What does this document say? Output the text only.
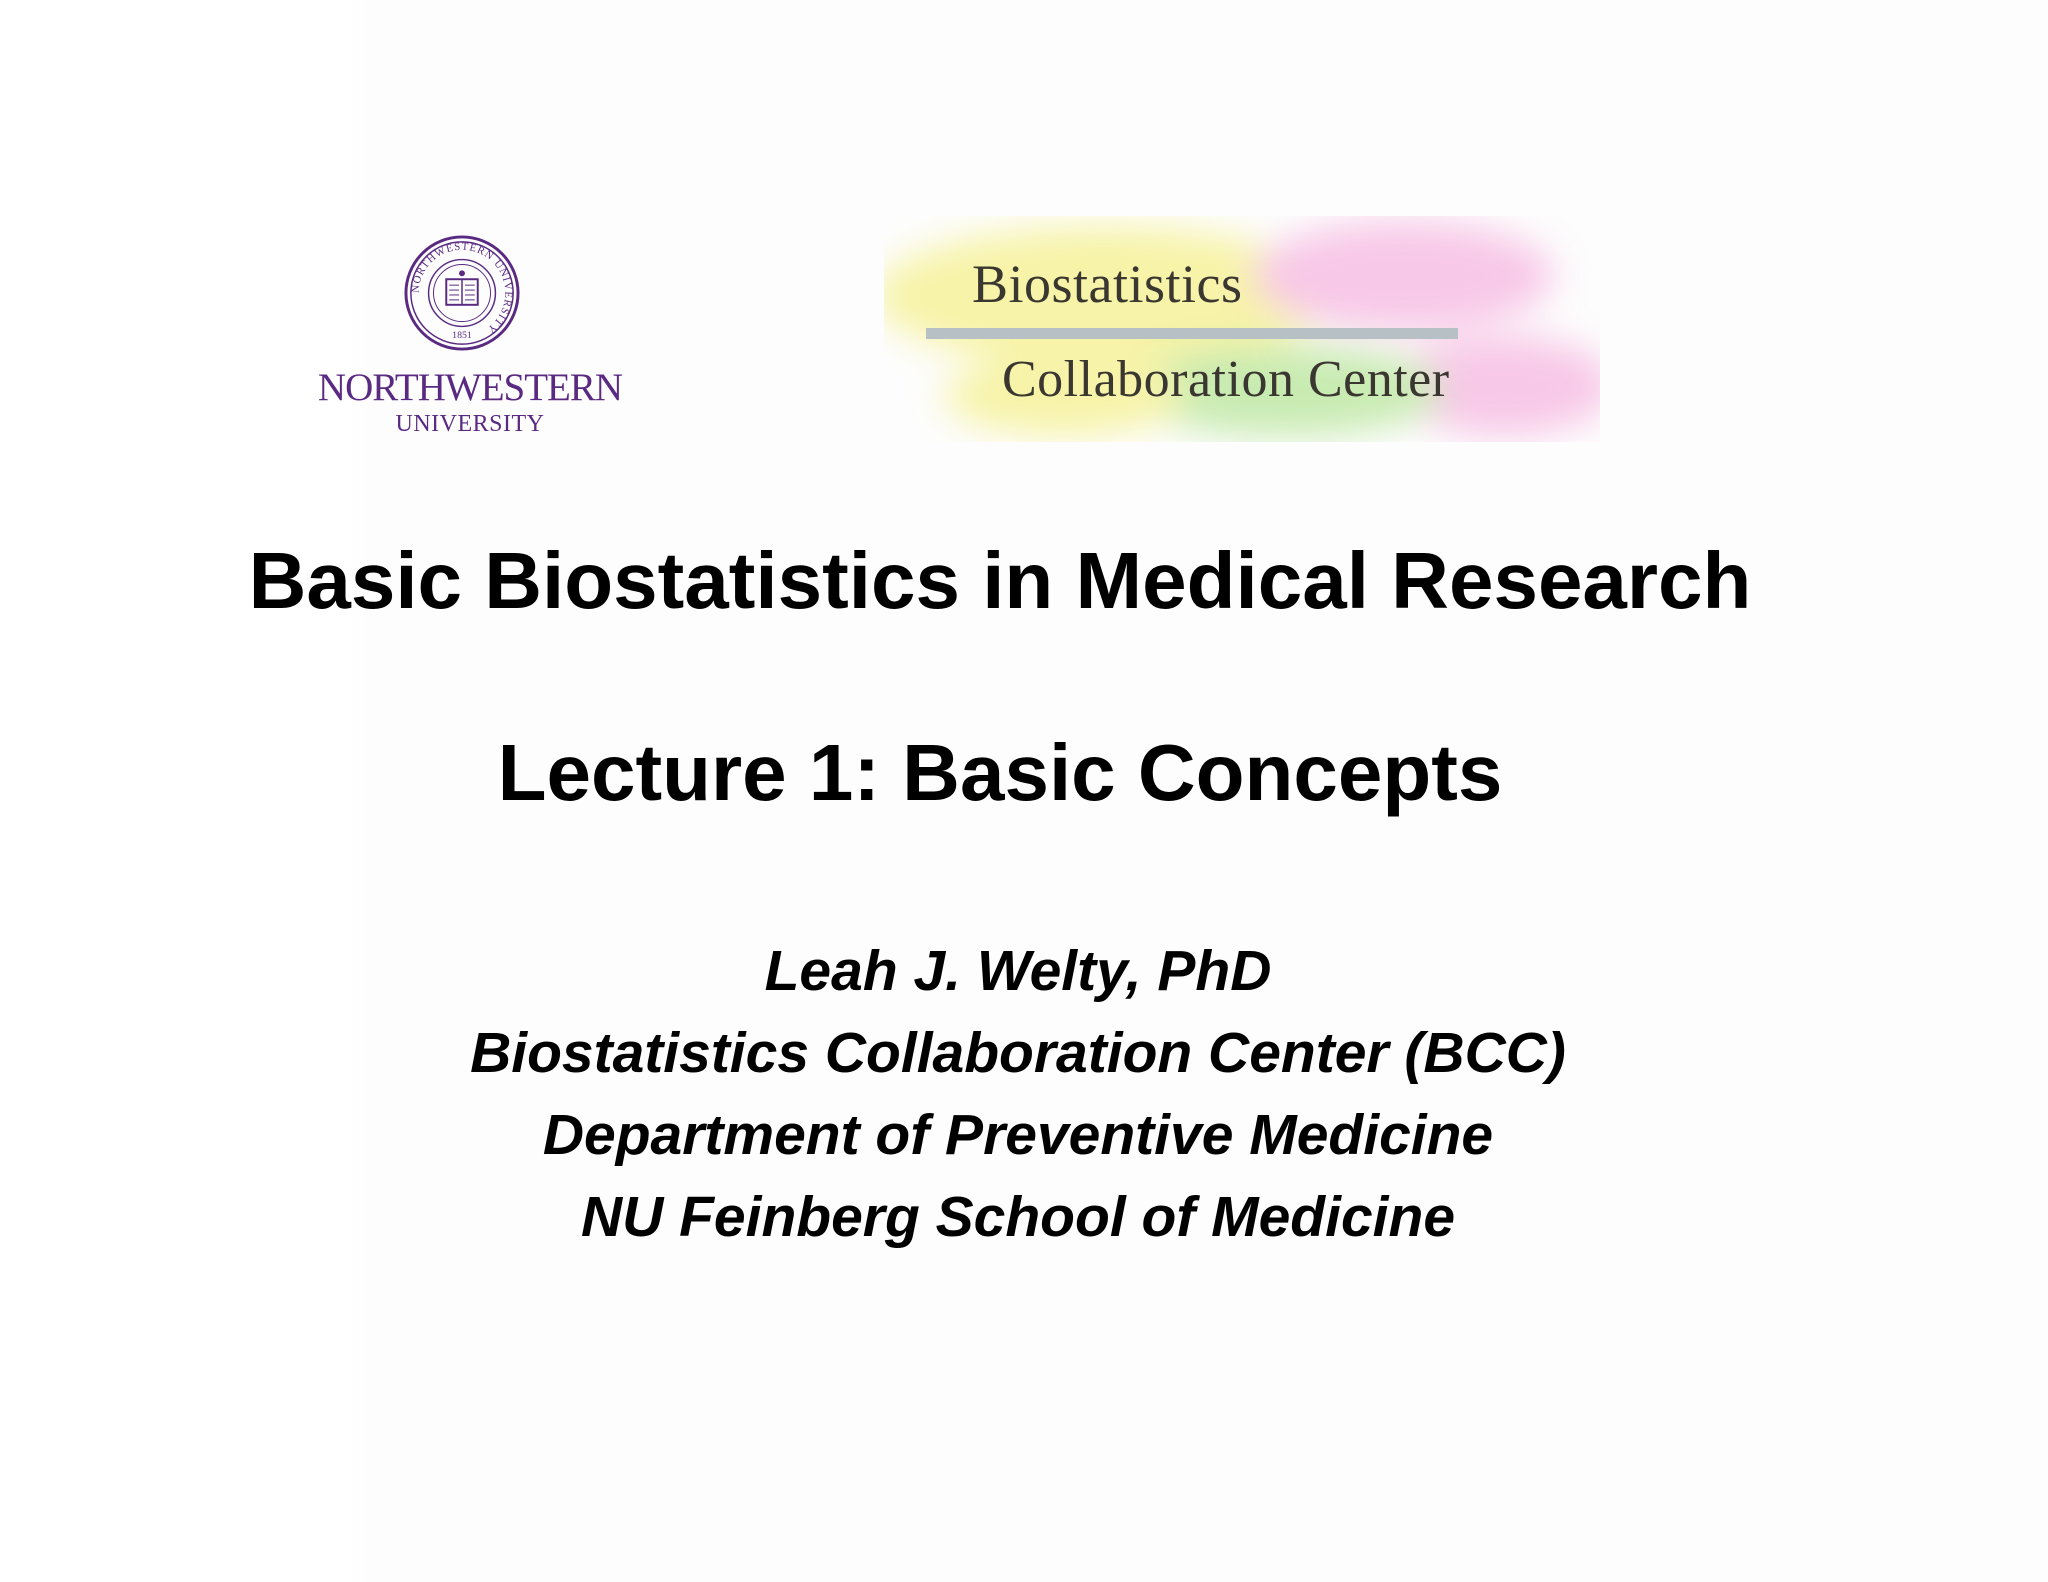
NORTHWESTERN UNIVERSITY
1851
NORTHWESTERN
UNIVERSITY
Biostatistics
Collaboration Center
Basic Biostatistics in Medical Research
Lecture 1: Basic Concepts
Leah J. Welty, PhD
Biostatistics Collaboration Center (BCC)
Department of Preventive Medicine
NU Feinberg School of Medicine
